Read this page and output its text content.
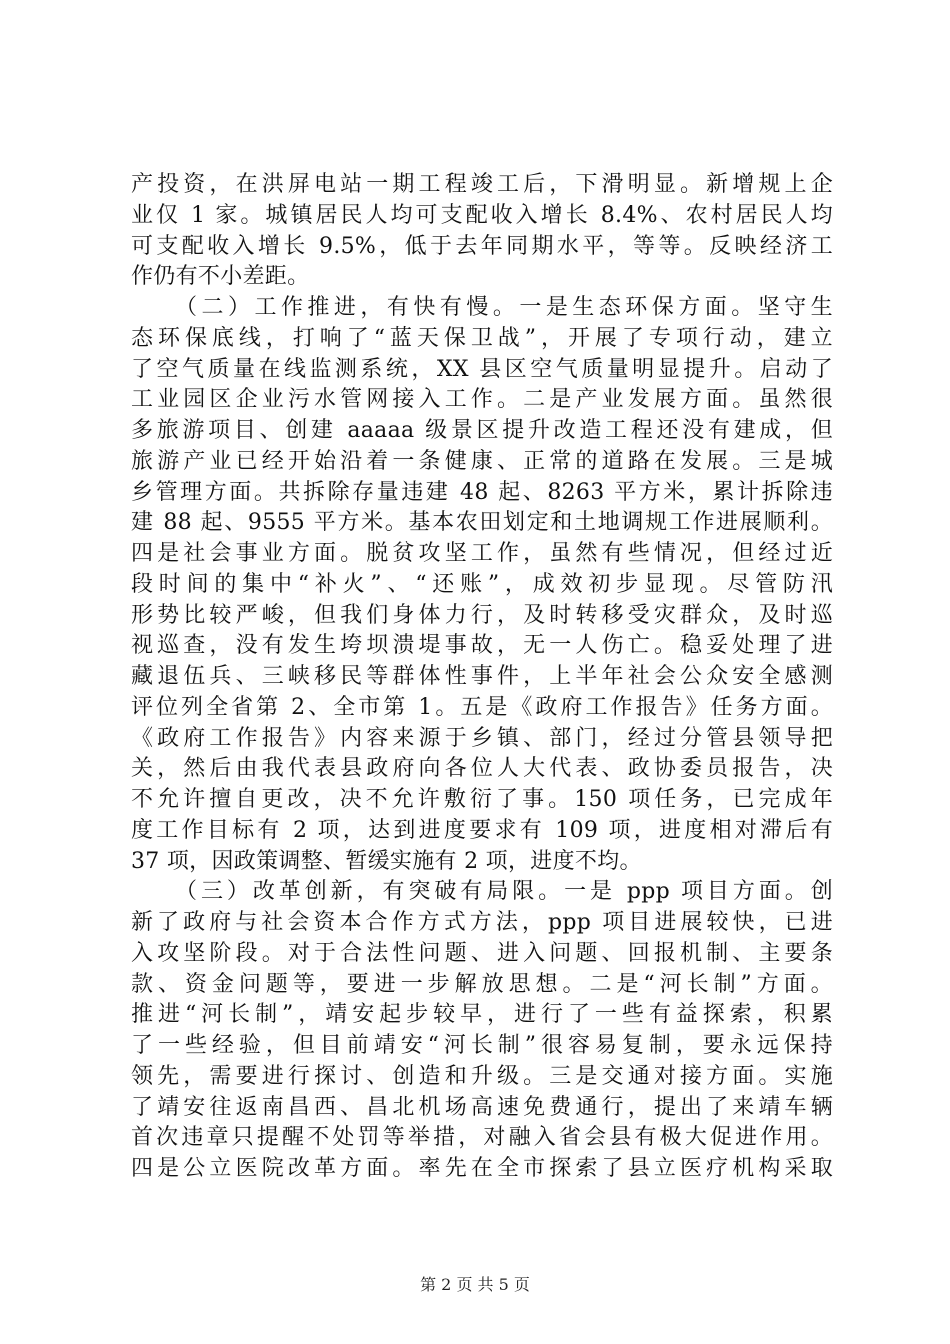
产投资，在洪屏电站一期工程竣工后，下滑明显。新增规上企
业仅 1 家。城镇居民人均可支配收入增长 8.4%、农村居民人均
可支配收入增长 9.5%，低于去年同期水平，等等。反映经济工
作仍有不小差距。
（二）工作推进，有快有慢。一是生态环保方面。坚守生
态环保底线，打响了“蓝天保卫战”，开展了专项行动，建立
了空气质量在线监测系统，XX 县区空气质量明显提升。启动了
工业园区企业污水管网接入工作。二是产业发展方面。虽然很
多旅游项目、创建 aaaaa 级景区提升改造工程还没有建成，但
旅游产业已经开始沿着一条健康、正常的道路在发展。三是城
乡管理方面。共拆除存量违建 48 起、8263 平方米，累计拆除违
建 88 起、9555 平方米。基本农田划定和土地调规工作进展顺利。
四是社会事业方面。脱贫攻坚工作，虽然有些情况，但经过近
段时间的集中“补火”、“还账”，成效初步显现。尽管防汛
形势比较严峻，但我们身体力行，及时转移受灾群众，及时巡
视巡查，没有发生垮坝溃堤事故，无一人伤亡。稳妥处理了进
藏退伍兵、三峡移民等群体性事件，上半年社会公众安全感测
评位列全省第 2、全市第 1。五是《政府工作报告》任务方面。
《政府工作报告》内容来源于乡镇、部门，经过分管县领导把
关，然后由我代表县政府向各位人大代表、政协委员报告，决
不允许擅自更改，决不允许敷衍了事。150 项任务，已完成年
度工作目标有 2 项，达到进度要求有 109 项，进度相对滞后有
37 项，因政策调整、暂缓实施有 2 项，进度不均。
（三）改革创新，有突破有局限。一是 ppp 项目方面。创
新了政府与社会资本合作方式方法，ppp 项目进展较快，已进
入攻坚阶段。对于合法性问题、进入问题、回报机制、主要条
款、资金问题等，要进一步解放思想。二是“河长制”方面。
推进“河长制”，靖安起步较早，进行了一些有益探索，积累
了一些经验，但目前靖安“河长制”很容易复制，要永远保持
领先，需要进行探讨、创造和升级。三是交通对接方面。实施
了靖安往返南昌西、昌北机场高速免费通行，提出了来靖车辆
首次违章只提醒不处罚等举措，对融入省会县有极大促进作用。
四是公立医院改革方面。率先在全市探索了县立医疗机构采取
第 2 页 共 5 页
